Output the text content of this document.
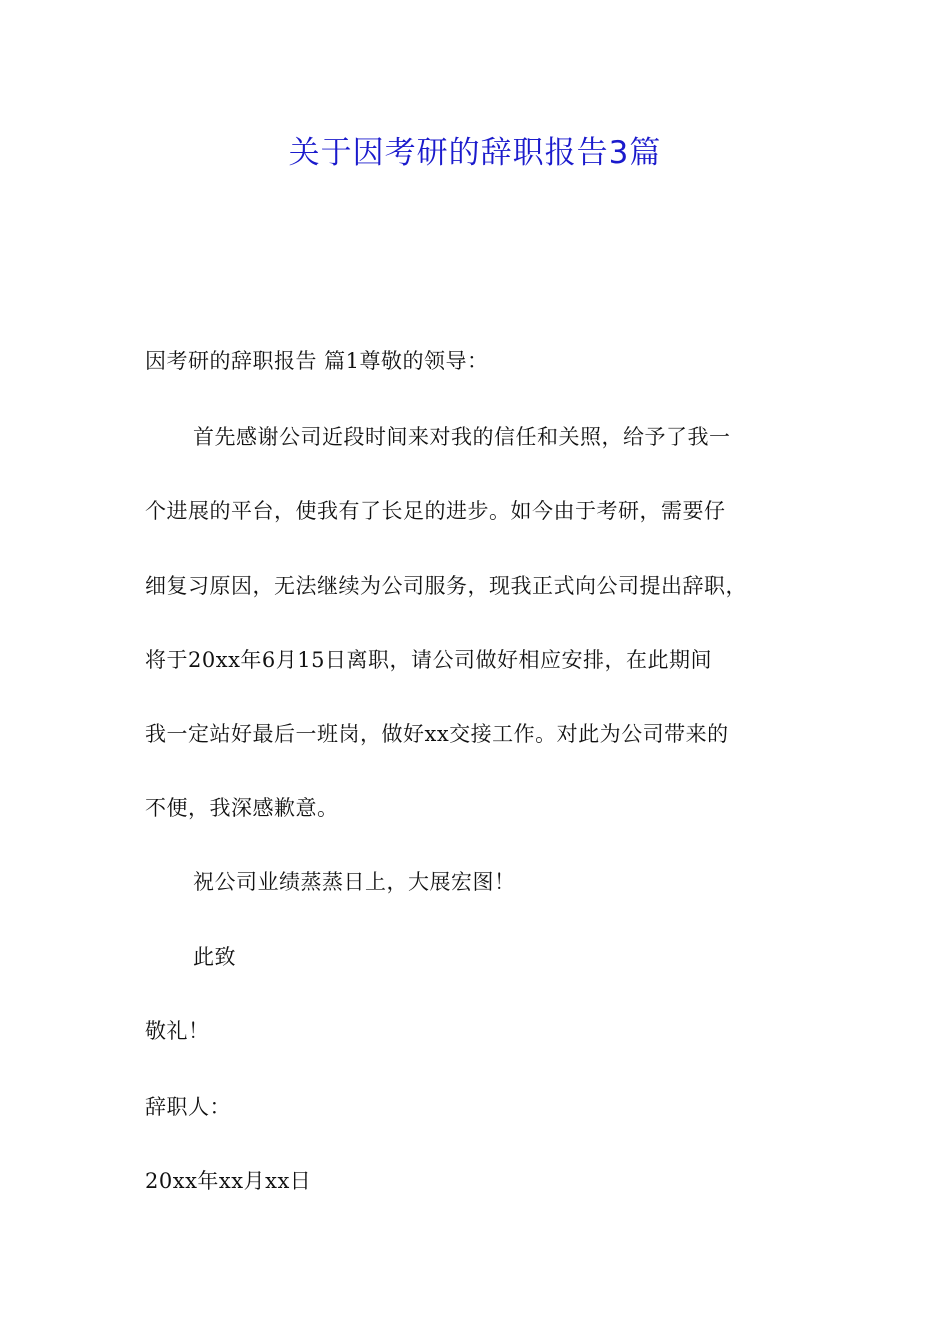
关于因考研的辞职报告3篇
因考研的辞职报告 篇1尊敬的领导：
首先感谢公司近段时间来对我的信任和关照，给予了我一
个进展的平台，使我有了长足的进步。如今由于考研，需要仔
细复习原因，无法继续为公司服务，现我正式向公司提出辞职，
将于20xx年6月15日离职，请公司做好相应安排，在此期间
我一定站好最后一班岗，做好xx交接工作。对此为公司带来的
不便，我深感歉意。
祝公司业绩蒸蒸日上，大展宏图！
此致
敬礼！
辞职人：
20xx年xx月xx日
